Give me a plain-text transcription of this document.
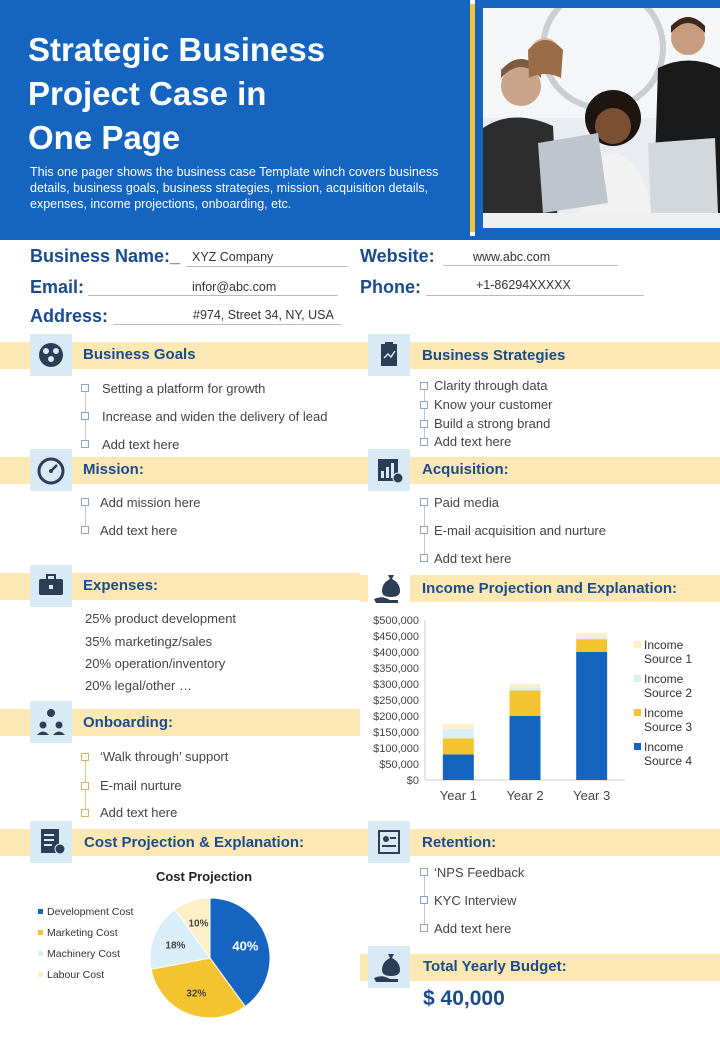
Strategic Business
Project Case in
One Page
This one pager shows the business case Template winch covers business details, business goals, business strategies, mission, acquisition details, expenses, income projections, onboarding, etc.
Business Name:_ XYZ Company	Website:	www.abc.com
Email:	infor@abc.com	Phone:	+1-86294XXXXX
Address:	#974, Street 34, NY, USA
Business Goals
Setting a platform for growth
Increase and widen the delivery of lead
Add text here
Business Strategies
Clarity through data
Know your customer
Build a strong brand
Add text here
Mission:
Add mission here
Add text here
Acquisition:
Paid media
E-mail acquisition and nurture
Add text here
Expenses:
25% product development
35% marketingz/sales
20% operation/inventory
20% legal/other …
Income Projection and Explanation:
$0
$50,000
$100,000
$150,000
$200,000
$250,000
$300,000
$350,000
$400,000
$450,000
$500,000
Year 1 Year 2 Year 3
Income
Source 1
Income
Source 2
Income
Source 3
Income
Source 4
Onboarding:
‘Walk through’ support
E-mail nurture
Add text here
Cost Projection & Explanation:
Cost Projection
40%
32%
18%
10%
Development Cost
Marketing Cost
Machinery Cost
Labour Cost
Retention:
‘NPS Feedback
KYC Interview
Add text here
Total Yearly Budget:
$ 40,000
